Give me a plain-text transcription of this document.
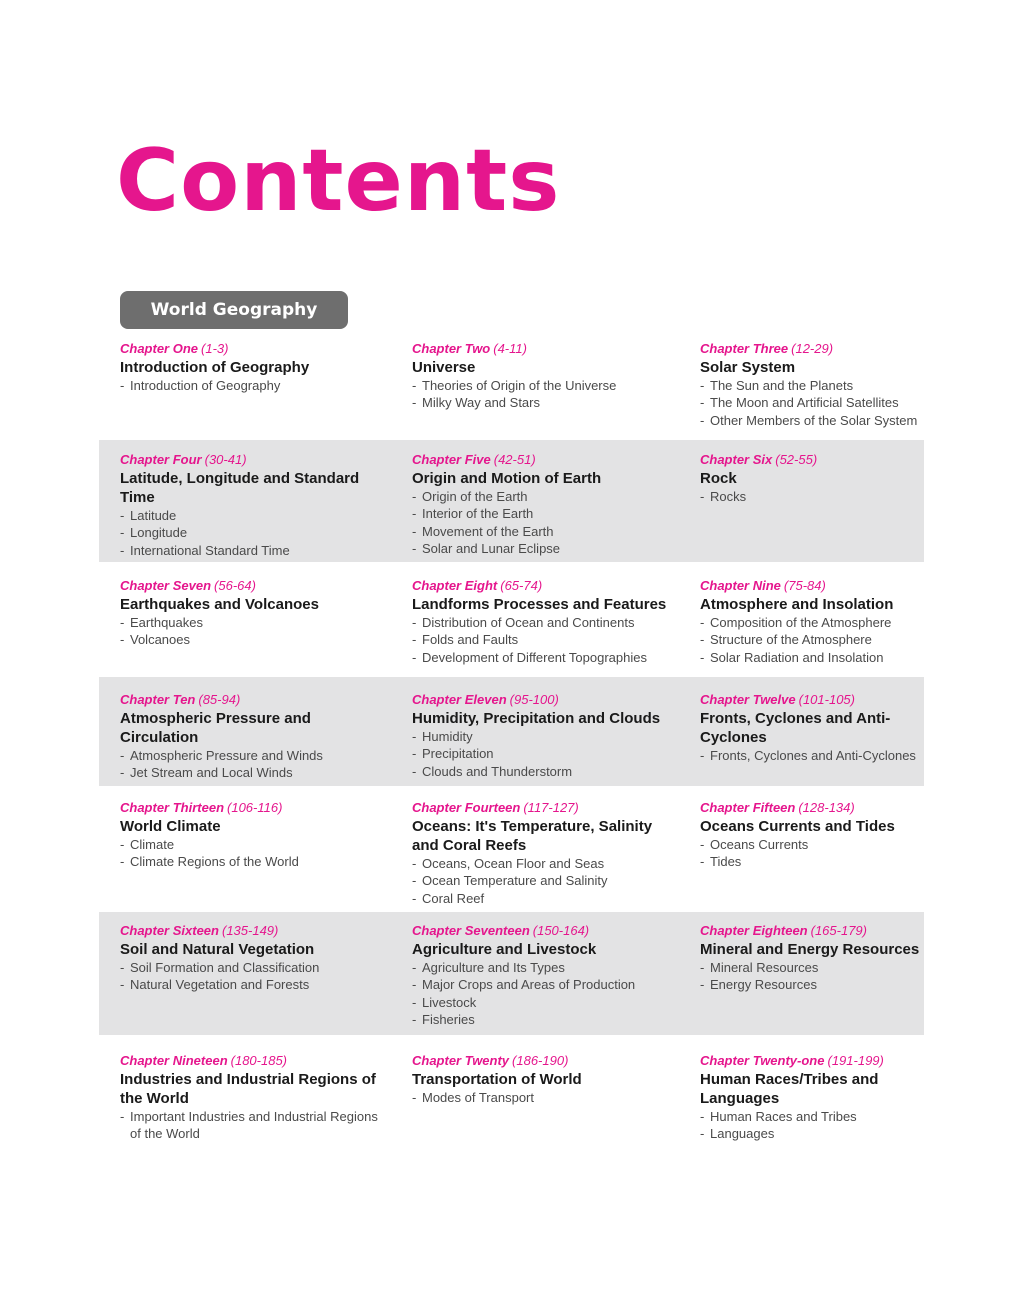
Contents
World Geography
Chapter One (1-3)
Introduction of Geography
- Introduction of Geography
Chapter Two (4-11)
Universe
- Theories of Origin of the Universe
- Milky Way and Stars
Chapter Three (12-29)
Solar System
- The Sun and the Planets
- The Moon and Artificial Satellites
- Other Members of the Solar System
Chapter Four (30-41)
Latitude, Longitude and Standard Time
- Latitude
- Longitude
- International Standard Time
Chapter Five (42-51)
Origin and Motion of Earth
- Origin of the Earth
- Interior of the Earth
- Movement of the Earth
- Solar and Lunar Eclipse
Chapter Six (52-55)
Rock
- Rocks
Chapter Seven (56-64)
Earthquakes and Volcanoes
- Earthquakes
- Volcanoes
Chapter Eight (65-74)
Landforms Processes and Features
- Distribution of Ocean and Continents
- Folds and Faults
- Development of Different Topographies
Chapter Nine (75-84)
Atmosphere and Insolation
- Composition of the Atmosphere
- Structure of the Atmosphere
- Solar Radiation and Insolation
Chapter Ten (85-94)
Atmospheric Pressure and Circulation
- Atmospheric Pressure and Winds
- Jet Stream and Local Winds
Chapter Eleven (95-100)
Humidity, Precipitation and Clouds
- Humidity
- Precipitation
- Clouds and Thunderstorm
Chapter Twelve (101-105)
Fronts, Cyclones and Anti-Cyclones
- Fronts, Cyclones and Anti-Cyclones
Chapter Thirteen (106-116)
World Climate
- Climate
- Climate Regions of the World
Chapter Fourteen (117-127)
Oceans: It's Temperature, Salinity and Coral Reefs
- Oceans, Ocean Floor and Seas
- Ocean Temperature and Salinity
- Coral Reef
Chapter Fifteen (128-134)
Oceans Currents and Tides
- Oceans Currents
- Tides
Chapter Sixteen (135-149)
Soil and Natural Vegetation
- Soil Formation and Classification
- Natural Vegetation and Forests
Chapter Seventeen (150-164)
Agriculture and Livestock
- Agriculture and Its Types
- Major Crops and Areas of Production
- Livestock
- Fisheries
Chapter Eighteen (165-179)
Mineral and Energy Resources
- Mineral Resources
- Energy Resources
Chapter Nineteen (180-185)
Industries and Industrial Regions of the World
- Important Industries and Industrial Regions of the World
Chapter Twenty (186-190)
Transportation of World
- Modes of Transport
Chapter Twenty-one (191-199)
Human Races/Tribes and Languages
- Human Races and Tribes
- Languages
